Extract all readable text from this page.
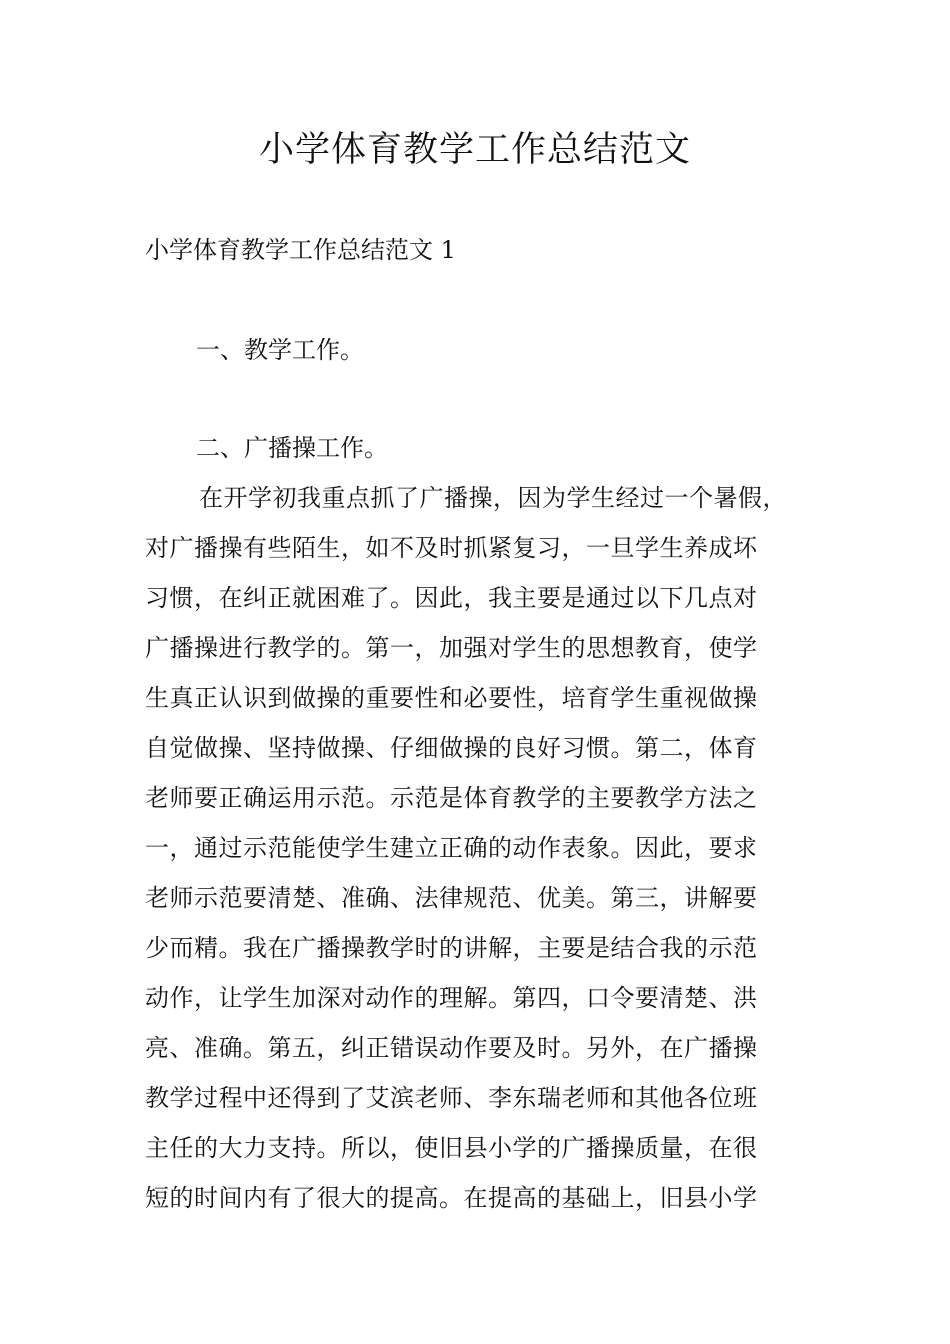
小学体育教学工作总结范文

小学体育教学工作总结范文 1

一、教学工作。

二、广播操工作。

在开学初我重点抓了广播操，因为学生经过一个暑假，
对广播操有些陌生，如不及时抓紧复习，一旦学生养成坏
习惯，在纠正就困难了。因此，我主要是通过以下几点对
广播操进行教学的。第一，加强对学生的思想教育，使学
生真正认识到做操的重要性和必要性，培育学生重视做操
自觉做操、坚持做操、仔细做操的良好习惯。第二，体育
老师要正确运用示范。示范是体育教学的主要教学方法之
一，通过示范能使学生建立正确的动作表象。因此，要求
老师示范要清楚、准确、法律规范、优美。第三，讲解要
少而精。我在广播操教学时的讲解，主要是结合我的示范
动作，让学生加深对动作的理解。第四，口令要清楚、洪
亮、准确。第五，纠正错误动作要及时。另外，在广播操
教学过程中还得到了艾滨老师、李东瑞老师和其他各位班
主任的大力支持。所以，使旧县小学的广播操质量，在很
短的时间内有了很大的提高。在提高的基础上，旧县小学
